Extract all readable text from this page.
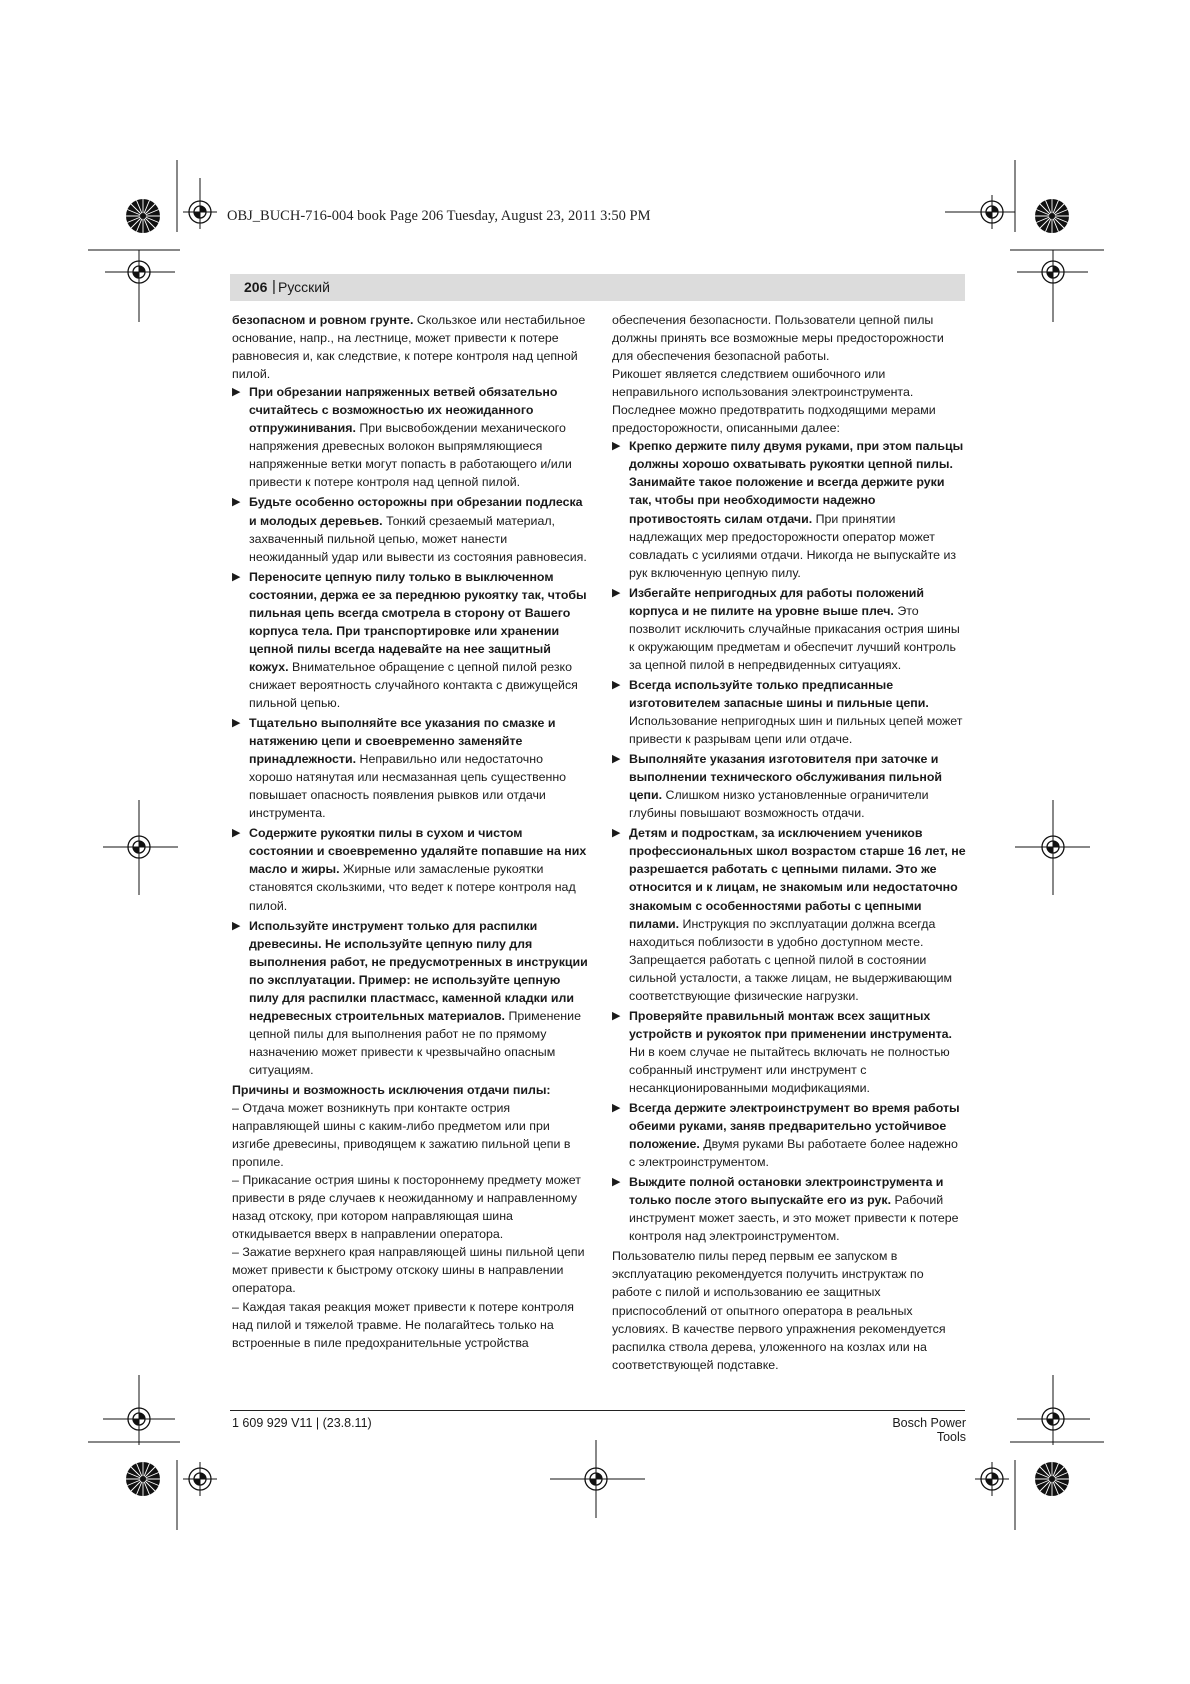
OBJ_BUCH-716-004 book Page 206 Tuesday, August 23, 2011 3:50 PM
206 | Русский

безопасном и ровном грунте. Скользкое или нестабильное основание, напр., на лестнице, может привести к потере равновесия и, как следствие, к потере контроля над цепной пилой.

▶ При обрезании напряженных ветвей обязательно считайтесь с возможностью их неожиданного отпружинивания. При высвобождении механического напряжения древесных волокон выпрямляющиеся напряженные ветки могут попасть в работающего и/или привести к потере контроля над цепной пилой.
▶ Будьте особенно осторожны при обрезании подлеска и молодых деревьев. Тонкий срезаемый материал, захваченный пильной цепью, может нанести неожиданный удар или вывести из состояния равновесия.
▶ Переносите цепную пилу только в выключенном состоянии, держа ее за переднюю рукоятку так, чтобы пильная цепь всегда смотрела в сторону от Вашего корпуса тела. При транспортировке или хранении цепной пилы всегда надевайте на нее защитный кожух. Внимательное обращение с цепной пилой резко снижает вероятность случайного контакта с движущейся пильной цепью.
▶ Тщательно выполняйте все указания по смазке и натяжению цепи и своевременно заменяйте принадлежности. Неправильно или недостаточно хорошо натянутая или несмазанная цепь существенно повышает опасность появления рывков или отдачи инструмента.
▶ Содержите рукоятки пилы в сухом и чистом состоянии и своевременно удаляйте попавшие на них масло и жиры. Жирные или замасленые рукоятки становятся скользкими, что ведет к потере контроля над пилой.
▶ Используйте инструмент только для распилки древесины. Не используйте цепную пилу для выполнения работ, не предусмотренных в инструкции по эксплуатации. Пример: не используйте цепную пилу для распилки пластмасс, каменной кладки или недревесных строительных материалов. Применение цепной пилы для выполнения работ не по прямому назначению может привести к чрезвычайно опасным ситуациям.

Причины и возможность исключения отдачи пилы:

– Отдача может возникнуть при контакте острия направляющей шины с каким-либо предметом или при изгибе древесины, приводящем к зажатию пильной цепи в пропиле.

– Прикасание острия шины к постороннему предмету может привести в ряде случаев к неожиданному и направленному назад отскоку, при котором направляющая шина откидывается вверх в направлении оператора.

– Зажатие верхнего края направляющей шины пильной цепи может привести к быстрому отскоку шины в направлении оператора.

– Каждая такая реакция может привести к потере контроля над пилой и тяжелой травме. Не полагайтесь только на встроенные в пиле предохранительные устройства

обеспечения безопасности. Пользователи цепной пилы должны принять все возможные меры предосторожности для обеспечения безопасной работы.

Рикошет является следствием ошибочного или неправильного использования электроинструмента. Последнее можно предотвратить подходящими мерами предосторожности, описанными далее:

▶ Крепко держите пилу двумя руками, при этом пальцы должны хорошо охватывать рукоятки цепной пилы. Занимайте такое положение и всегда держите руки так, чтобы при необходимости надежно противостоять силам отдачи. При принятии надлежащих мер предосторожности оператор может совладать с усилиями отдачи. Никогда не выпускайте из рук включенную цепную пилу.
▶ Избегайте непригодных для работы положений корпуса и не пилите на уровне выше плеч. Это позволит исключить случайные прикасания острия шины к окружающим предметам и обеспечит лучший контроль за цепной пилой в непредвиденных ситуациях.
▶ Всегда используйте только предписанные изготовителем запасные шины и пильные цепи. Использование непригодных шин и пильных цепей может привести к разрывам цепи или отдаче.
▶ Выполняйте указания изготовителя при заточке и выполнении технического обслуживания пильной цепи. Слишком низко установленные ограничители глубины повышают возможность отдачи.
▶ Детям и подросткам, за исключением учеников профессиональных школ возрастом старше 16 лет, не разрешается работать с цепными пилами. Это же относится и к лицам, не знакомым или недостаточно знакомым с особенностями работы с цепными пилами. Инструкция по эксплуатации должна всегда находиться поблизости в удобно доступном месте. Запрещается работать с цепной пилой в состоянии сильной усталости, а также лицам, не выдерживающим соответствующие физические нагрузки.
▶ Проверяйте правильный монтаж всех защитных устройств и рукояток при применении инструмента. Ни в коем случае не пытайтесь включать не полностью собранный инструмент или инструмент с несанкционированными модификациями.
▶ Всегда держите электроинструмент во время работы обеими руками, заняв предварительно устойчивое положение. Двумя руками Вы работаете более надежно с электроинструментом.
▶ Выждите полной остановки электроинструмента и только после этого выпускайте его из рук. Рабочий инструмент может заесть, и это может привести к потере контроля над электроинструментом.

Пользователю пилы перед первым ее запуском в эксплуатацию рекомендуется получить инструктаж по работе с пилой и использованию ее защитных приспособлений от опытного оператора в реальных условиях. В качестве первого упражнения рекомендуется распилка ствола дерева, уложенного на козлах или на соответствующей подставке.

1 609 929 V11 | (23.8.11)	Bosch Power Tools
